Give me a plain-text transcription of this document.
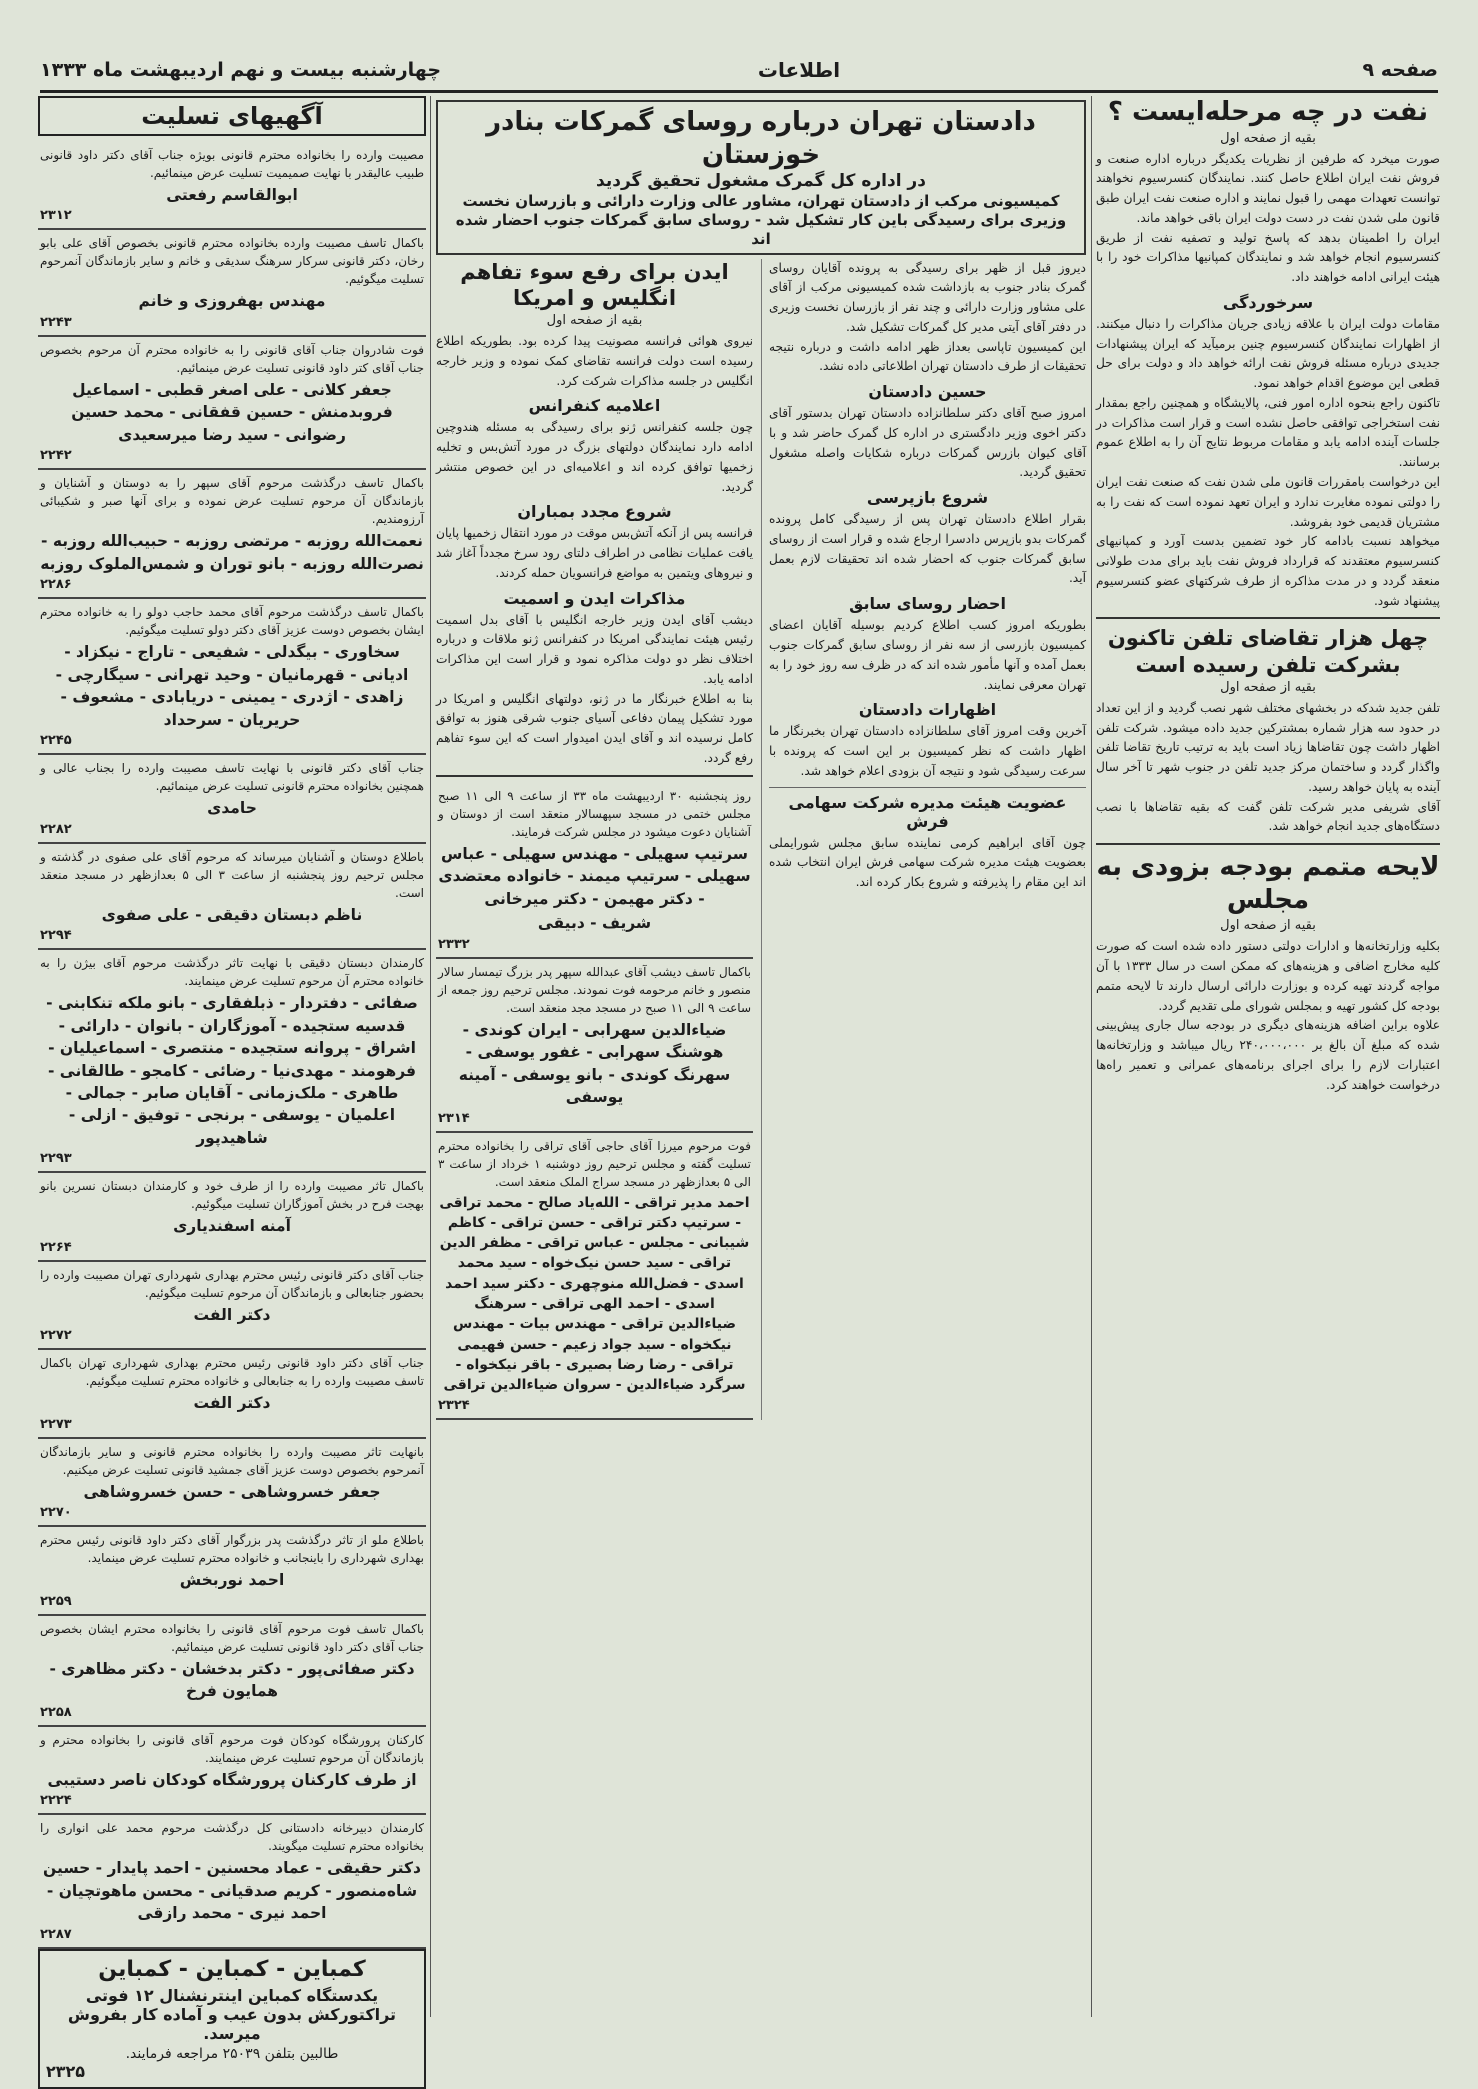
صفحه ۹
اطلاعات
چهارشنبه بیست و نهم اردیبهشت ماه ۱۳۳۳
نفت در چه مرحله‌ایست ؟
بقیه از صفحه اول

صورت میخرد که طرفین از نظریات یکدیگر درباره اداره صنعت و فروش نفت ایران اطلاع حاصل کنند. نمایندگان کنسرسیوم نخواهند توانست تعهدات مهمی را قبول نمایند و اداره صنعت نفت ایران طبق قانون ملی شدن نفت در دست دولت ایران باقی خواهد ماند.

ایران را اطمینان بدهد که پاسخ تولید و تصفیه نفت از طریق کنسرسیوم انجام خواهد شد و نمایندگان کمپانیها مذاکرات خود را با هیئت ایرانی ادامه خواهند داد.

سرخوردگی

مقامات دولت ایران با علاقه زیادی جریان مذاکرات را دنبال میکنند. از اظهارات نمایندگان کنسرسیوم چنین برمیآید که ایران پیشنهادات جدیدی درباره مسئله فروش نفت ارائه خواهد داد و دولت برای حل قطعی این موضوع اقدام خواهد نمود.

تاکنون راجع بنحوه اداره امور فنی، پالایشگاه و همچنین راجع بمقدار نفت استخراجی توافقی حاصل نشده است و قرار است مذاکرات در جلسات آینده ادامه یابد و مقامات مربوط نتایج آن را به اطلاع عموم برسانند.

این درخواست بامقررات قانون ملی شدن نفت که صنعت نفت ایران را دولتی نموده مغایرت ندارد و ایران تعهد نموده است که نفت را به مشتریان قدیمی خود بفروشد.

میخواهد نسبت بادامه کار خود تضمین بدست آورد و کمپانیهای کنسرسیوم معتقدند که قرارداد فروش نفت باید برای مدت طولانی منعقد گردد و در مدت مذاکره از طرف شرکتهای عضو کنسرسیوم پیشنهاد شود.

چهل هزار تقاضای تلفن تاکنون بشرکت تلفن رسیده است
بقیه از صفحه اول

تلفن جدید شدکه در بخشهای مختلف شهر نصب گردید و از این تعداد در حدود سه هزار شماره بمشترکین جدید داده میشود. شرکت تلفن اظهار داشت چون تقاضاها زیاد است باید به ترتیب تاریخ تقاضا تلفن واگذار گردد و ساختمان مرکز جدید تلفن در جنوب شهر تا آخر سال آینده به پایان خواهد رسید.

آقای شریفی مدیر شرکت تلفن گفت که بقیه تقاضاها با نصب دستگاه‌های جدید انجام خواهد شد.

لایحه متمم بودجه بزودی به مجلس
بقیه از صفحه اول

بکلیه وزارتخانه‌ها و ادارات دولتی دستور داده شده است که صورت کلیه مخارج اضافی و هزینه‌های که ممکن است در سال ۱۳۳۳ با آن مواجه گردند تهیه کرده و بوزارت دارائی ارسال دارند تا لایحه متمم بودجه کل کشور تهیه و بمجلس شورای ملی تقدیم گردد.

علاوه براین اضافه هزینه‌های دیگری در بودجه سال جاری پیش‌بینی شده که مبلغ آن بالغ بر ۲۴۰،۰۰۰،۰۰۰ ریال میباشد و وزارتخانه‌ها اعتبارات لازم را برای اجرای برنامه‌های عمرانی و تعمیر راه‌ها درخواست خواهند کرد.

دادستان تهران درباره روسای گمرکات بنادر خوزستان
در اداره کل گمرک مشغول تحقیق گردید
کمیسیونی مرکب از دادستان تهران، مشاور عالی وزارت دارائی و بازرسان نخست وزیری برای رسیدگی باین کار تشکیل شد - روسای سابق گمرکات جنوب احضار شده اند

دیروز قبل از ظهر برای رسیدگی به پرونده آقایان روسای گمرک بنادر جنوب به بازداشت شده کمیسیونی مرکب از آقای علی مشاور وزارت دارائی و چند نفر از بازرسان نخست وزیری در دفتر آقای آیتی مدیر کل گمرکات تشکیل شد.

این کمیسیون تاپاسی بعداز ظهر ادامه داشت و درباره نتیجه تحقیقات از طرف دادستان تهران اطلاعاتی داده نشد.

حسین دادستان

امروز صبح آقای دکتر سلطانزاده دادستان تهران بدستور آقای دکتر اخوی وزیر دادگستری در اداره کل گمرک حاضر شد و با آقای کیوان بازرس گمرکات درباره شکایات واصله مشغول تحقیق گردید.

شروع بازپرسی

بقرار اطلاع دادستان تهران پس از رسیدگی کامل پرونده گمرکات بدو بازپرس دادسرا ارجاع شده و قرار است از روسای سابق گمرکات جنوب که احضار شده اند تحقیقات لازم بعمل آید.

احضار روسای سابق

بطوریکه امروز کسب اطلاع کردیم بوسیله آقایان اعضای کمیسیون بازرسی از سه نفر از روسای سابق گمرکات جنوب بعمل آمده و آنها مأمور شده اند که در ظرف سه روز خود را به تهران معرفی نمایند.

اظهارات دادستان

آخرین وقت امروز آقای سلطانزاده دادستان تهران بخبرنگار ما اظهار داشت که نظر کمیسیون بر این است که پرونده با سرعت رسیدگی شود و نتیجه آن بزودی اعلام خواهد شد.

عضویت هیئت مدیره شرکت سهامی فرش

چون آقای ابراهیم کرمی نماینده سابق مجلس شورایملی بعضویت هیئت مدیره شرکت سهامی فرش ایران انتخاب شده اند این مقام را پذیرفته و شروع بکار کرده اند.

ایدن برای رفع سوء تفاهم انگلیس و امریکا
بقیه از صفحه اول

نیروی هوائی فرانسه مصونیت پیدا کرده بود. بطوریکه اطلاع رسیده است دولت فرانسه تقاضای کمک نموده و وزیر خارجه انگلیس در جلسه مذاکرات شرکت کرد.

اعلامیه کنفرانس

چون جلسه کنفرانس ژنو برای رسیدگی به مسئله هندوچین ادامه دارد نمایندگان دولتهای بزرگ در مورد آتش‌بس و تخلیه زخمیها توافق کرده اند و اعلامیه‌ای در این خصوص منتشر گردید.

شروع مجدد بمباران

فرانسه پس از آنکه آتش‌بس موقت در مورد انتقال زخمیها پایان یافت عملیات نظامی در اطراف دلتای رود سرخ مجدداً آغاز شد و نیروهای ویتمین به مواضع فرانسویان حمله کردند.

مذاکرات ایدن و اسمیت

دیشب آقای ایدن وزیر خارجه انگلیس با آقای بدل اسمیت رئیس هیئت نمایندگی امریکا در کنفرانس ژنو ملاقات و درباره اختلاف نظر دو دولت مذاکره نمود و قرار است این مذاکرات ادامه یابد.

بنا به اطلاع خبرنگار ما در ژنو، دولتهای انگلیس و امریکا در مورد تشکیل پیمان دفاعی آسیای جنوب شرقی هنوز به توافق کامل نرسیده اند و آقای ایدن امیدوار است که این سوء تفاهم رفع گردد.

روز پنجشنبه ۳۰ اردیبهشت ماه ۳۳ از ساعت ۹ الی ۱۱ صبح مجلس ختمی در مسجد سپهسالار منعقد است از دوستان و آشنایان دعوت میشود در مجلس شرکت فرمایند.

سرتیپ سهیلی - مهندس سهیلی - عباس سهیلی - سرتیپ میمند - خانواده معتضدی - دکتر مهیمن - دکتر میرخانی
شریف - دبیقی
۲۳۳۲

باکمال تاسف دیشب آقای عبدالله سپهر پدر بزرگ تیمسار سالار منصور و خانم مرحومه فوت نمودند. مجلس ترحیم روز جمعه از ساعت ۹ الی ۱۱ صبح در مسجد مجد منعقد است.

ضیاءالدین سهرابی - ایران کوندی - هوشنگ سهرابی - غفور یوسفی - سهرنگ کوندی - بانو یوسفی - آمینه یوسفی
۲۳۱۴

فوت مرحوم میرزا آقای حاجی آقای تراقی را بخانواده محترم تسلیت گفته و مجلس ترحیم روز دوشنبه ۱ خرداد از ساعت ۳ الی ۵ بعدازظهر در مسجد سراج الملک منعقد است.

احمد مدیر تراقی - الله‌یاد صالح - محمد تراقی - سرتیپ دکتر تراقی - حسن تراقی - کاظم شیبانی - مجلس - عباس تراقی - مظفر الدین تراقی - سید حسن نیک‌خواه - سید محمد اسدی - فضل‌الله منوچهری - دکتر سید احمد اسدی - احمد الهی تراقی - سرهنگ ضیاءالدین تراقی - مهندس بیات - مهندس نیکخواه - سید جواد زعیم - حسن فهیمی تراقی - رضا رضا بصیری - باقر نیکخواه - سرگرد ضیاءالدین - سروان ضیاءالدین تراقی
۲۳۲۴
آگهیهای تسلیت

مصیبت وارده را بخانواده محترم قانونی بویژه جناب آقای دکتر داود قانونی طبیب عالیقدر با نهایت صمیمیت تسلیت عرض مینمائیم.

ابوالقاسم رفعتی
۲۳۱۲

باکمال تاسف مصیبت وارده بخانواده محترم قانونی بخصوص آقای علی بابو رخان، دکتر قانونی سرکار سرهنگ سدیقی و خانم و سایر بازماندگان آنمرحوم تسلیت میگوئیم.

مهندس بهفروزی و خانم
۲۲۴۳

فوت شادروان جناب آقای قانونی را به خانواده محترم آن مرحوم بخصوص جناب آقای کتر داود قانونی تسلیت عرض مینمائیم.

جعفر کلانی - علی اصغر قطبی - اسماعیل فروبدمنش - حسین قفقانی - محمد حسین رضوانی - سید رضا میرسعیدی
۲۲۴۲

باکمال تاسف درگذشت مرحوم آقای سپهر را به دوستان و آشنایان و بازماندگان آن مرحوم تسلیت عرض نموده و برای آنها صبر و شکیبائی آرزومندیم.

نعمت‌الله روزبه - مرتضی روزبه - حبیب‌الله روزبه - نصرت‌الله روزبه - بانو توران و شمس‌الملوک روزبه
۲۲۸۶

باکمال تاسف درگذشت مرحوم آقای محمد حاجب دولو را به خانواده محترم ایشان بخصوص دوست عزیز آقای دکتر دولو تسلیت میگوئیم.

سخاوری - بیگدلی - شفیعی - تاراج - نیکزاد - ادیانی - قهرمانیان - وحید تهرانی - سیگارچی - زاهدی - اژدری - یمینی - دریابادی - مشعوف - حریریان - سرحداد
۲۲۴۵

جناب آقای دکتر قانونی با نهایت تاسف مصیبت وارده را بجناب عالی و همچنین بخانواده محترم قانونی تسلیت عرض مینمائیم.

حامدی
۲۲۸۲

باطلاع دوستان و آشنایان میرساند که مرحوم آقای علی صفوی در گذشته و مجلس ترحیم روز پنجشنبه از ساعت ۳ الی ۵ بعدازظهر در مسجد منعقد است.

ناظم دبستان دقیقی - علی صفوی
۲۲۹۴

کارمندان دبستان دقیقی با نهایت تاثر درگذشت مرحوم آقای بیژن را به خانواده محترم آن مرحوم تسلیت عرض مینمایند.

صفائی - دفتردار - ذبلفقاری - بانو ملکه تنکابنی - قدسیه ستجیده - آموزگاران - بانوان - دارائی - اشراق - پروانه ستجیده - منتصری - اسماعیلیان - فرهومند - مهدی‌نیا - رضائی - کامجو - طالقانی - طاهری - ملک‌زمانی - آقایان صابر - جمالی - اعلمیان - یوسفی - برنجی - توفیق - ازلی - شاهیدپور
۲۲۹۳

باکمال تاثر مصیبت وارده را از طرف خود و کارمندان دبستان نسرین بانو بهجت فرح در بخش آموزگاران تسلیت میگوئیم.

آمنه اسفندیاری
۲۲۶۴

جناب آقای دکتر قانونی رئیس محترم بهداری شهرداری تهران مصیبت وارده را بحضور جنابعالی و بازماندگان آن مرحوم تسلیت میگوئیم.

دکتر الفت
۲۲۷۲

جناب آقای دکتر داود قانونی رئیس محترم بهداری شهرداری تهران باکمال تاسف مصیبت وارده را به جنابعالی و خانواده محترم تسلیت میگوئیم.

دکتر الفت
۲۲۷۳

بانهایت تاثر مصیبت وارده را بخانواده محترم قانونی و سایر بازماندگان آنمرحوم بخصوص دوست عزیز آقای جمشید قانونی تسلیت عرض میکنیم.

جعفر خسروشاهی - حسن خسروشاهی
۲۲۷۰

باطلاع ملو از تاثر درگذشت پدر بزرگوار آقای دکتر داود قانونی رئیس محترم بهداری شهرداری را باینجانب و خانواده محترم تسلیت عرض مینماید.

احمد نوربخش
۲۲۵۹

باکمال تاسف فوت مرحوم آقای قانونی را بخانواده محترم ایشان بخصوص جناب آقای دکتر داود قانونی تسلیت عرض مینمائیم.

دکتر صفائی‌پور - دکتر بدخشان - دکتر مظاهری - همایون فرخ
۲۲۵۸

کارکنان پرورشگاه کودکان فوت مرحوم آقای قانونی را بخانواده محترم و بازماندگان آن مرحوم تسلیت عرض مینمایند.

از طرف کارکنان پرورشگاه کودکان ناصر دستیبی
۲۲۲۴

کارمندان دبیرخانه دادستانی کل درگذشت مرحوم محمد علی انواری را بخانواده محترم تسلیت میگویند.

دکتر حقیقی - عماد محسنین - احمد پایدار - حسین شاه‌منصور - کریم صدقیانی - محسن ماهوتچیان - احمد نیری - محمد رازقی
۲۲۸۷
کمباین - کمباین - کمباین
یکدستگاه کمباین اینترنشنال ۱۲ فوتی تراکتورکش بدون عیب و آماده کار بفروش میرسد.
طالبین بتلفن ۲۵۰۳۹ مراجعه فرمایند.
۲۳۲۵
